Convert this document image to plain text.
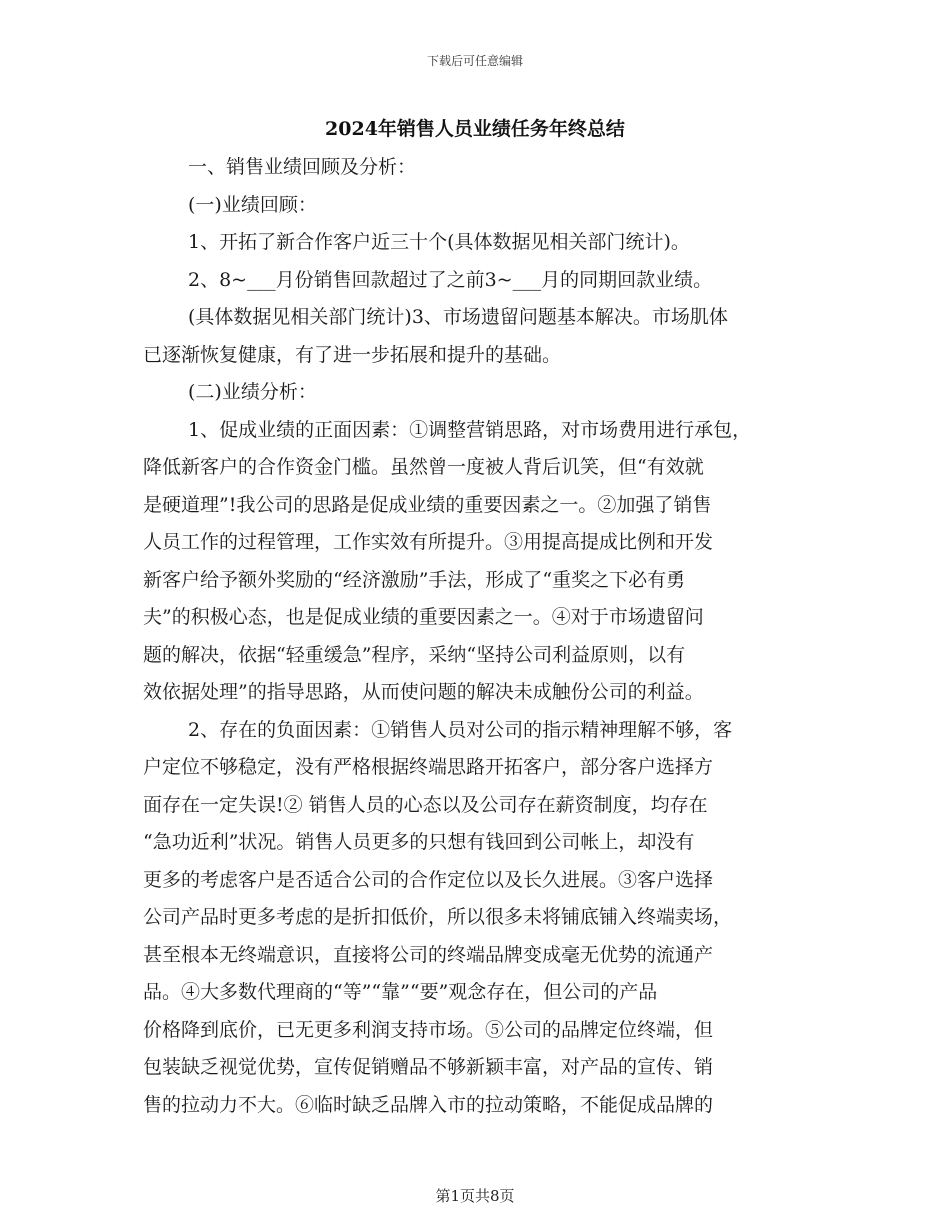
下载后可任意编辑
2024年销售人员业绩任务年终总结
一、销售业绩回顾及分析：
(一)业绩回顾：
1、开拓了新合作客户近三十个(具体数据见相关部门统计)。
2、8~___月份销售回款超过了之前3~___月的同期回款业绩。
(具体数据见相关部门统计)3、市场遗留问题基本解决。市场肌体
已逐渐恢复健康，有了进一步拓展和提升的基础。
(二)业绩分析：
1、促成业绩的正面因素：①调整营销思路，对市场费用进行承包，
降低新客户的合作资金门槛。虽然曾一度被人背后讥笑，但“有效就
是硬道理”!我公司的思路是促成业绩的重要因素之一。②加强了销售
人员工作的过程管理，工作实效有所提升。③用提高提成比例和开发
新客户给予额外奖励的“经济激励”手法，形成了“重奖之下必有勇
夫”的积极心态，也是促成业绩的重要因素之一。④对于市场遗留问
题的解决，依据“轻重缓急”程序，采纳“坚持公司利益原则，以有
效依据处理”的指导思路，从而使问题的解决未成触份公司的利益。
2、存在的负面因素：①销售人员对公司的指示精神理解不够，客
户定位不够稳定，没有严格根据终端思路开拓客户，部分客户选择方
面存在一定失误!② 销售人员的心态以及公司存在薪资制度，均存在
“急功近利”状况。销售人员更多的只想有钱回到公司帐上，却没有
更多的考虑客户是否适合公司的合作定位以及长久进展。③客户选择
公司产品时更多考虑的是折扣低价，所以很多未将铺底铺入终端卖场，
甚至根本无终端意识，直接将公司的终端品牌变成毫无优势的流通产
品。④大多数代理商的“等”“靠”“要”观念存在，但公司的产品
价格降到底价，已无更多利润支持市场。⑤公司的品牌定位终端，但
包装缺乏视觉优势，宣传促销赠品不够新颖丰富，对产品的宣传、销
售的拉动力不大。⑥临时缺乏品牌入市的拉动策略，不能促成品牌的
第1页共8页
